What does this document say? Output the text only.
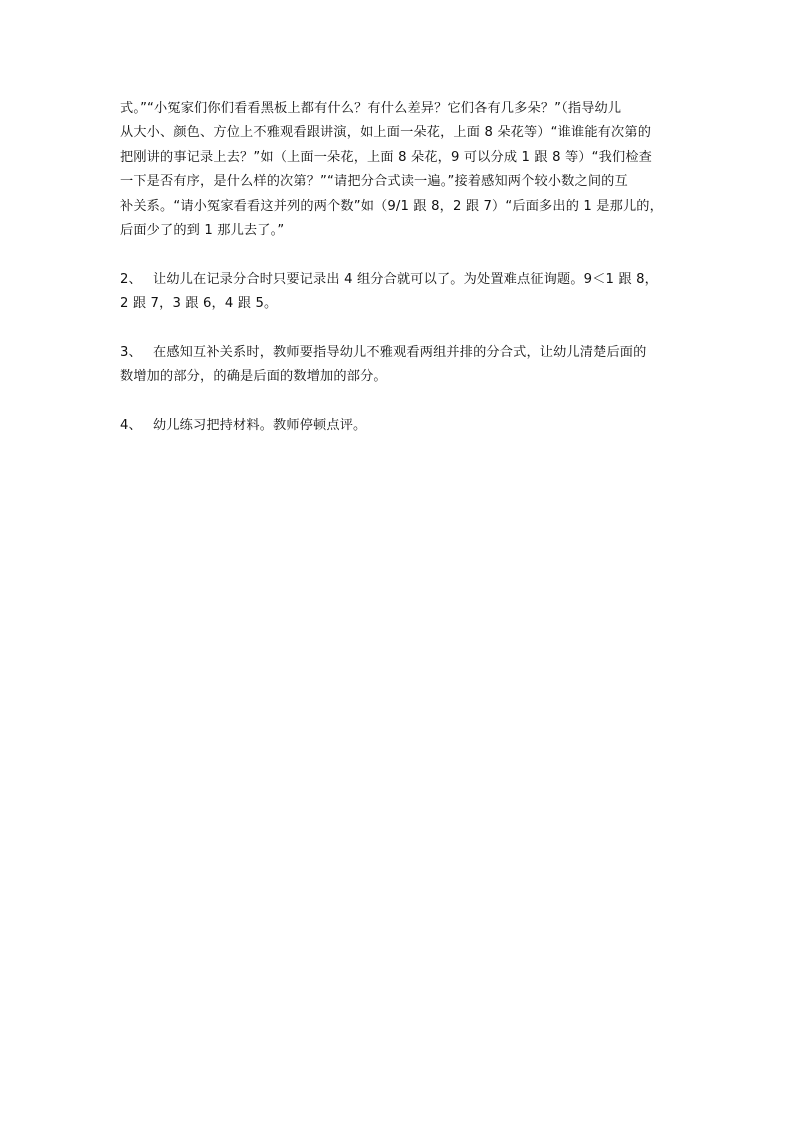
式。”“小冤家们你们看看黑板上都有什么？有什么差异？它们各有几多朵？”（指导幼儿
从大小、颜色、方位上不雅观看跟讲演，如上面一朵花，上面 8 朵花等）“谁谁能有次第的
把刚讲的事记录上去？”如（上面一朵花，上面 8 朵花，9 可以分成 1 跟 8 等）“我们检查
一下是否有序，是什么样的次第？”“请把分合式读一遍。”接着感知两个较小数之间的互
补关系。“请小冤家看看这并列的两个数”如（9/1 跟 8，2 跟 7）“后面多出的 1 是那儿的，
后面少了的到 1 那儿去了。”
2、 让幼儿在记录分合时只要记录出 4 组分合就可以了。为处置难点征询题。9＜1 跟 8，
2 跟 7，3 跟 6，4 跟 5。
3、 在感知互补关系时，教师要指导幼儿不雅观看两组并排的分合式，让幼儿清楚后面的
数增加的部分，的确是后面的数增加的部分。
4、 幼儿练习把持材料。教师停顿点评。
